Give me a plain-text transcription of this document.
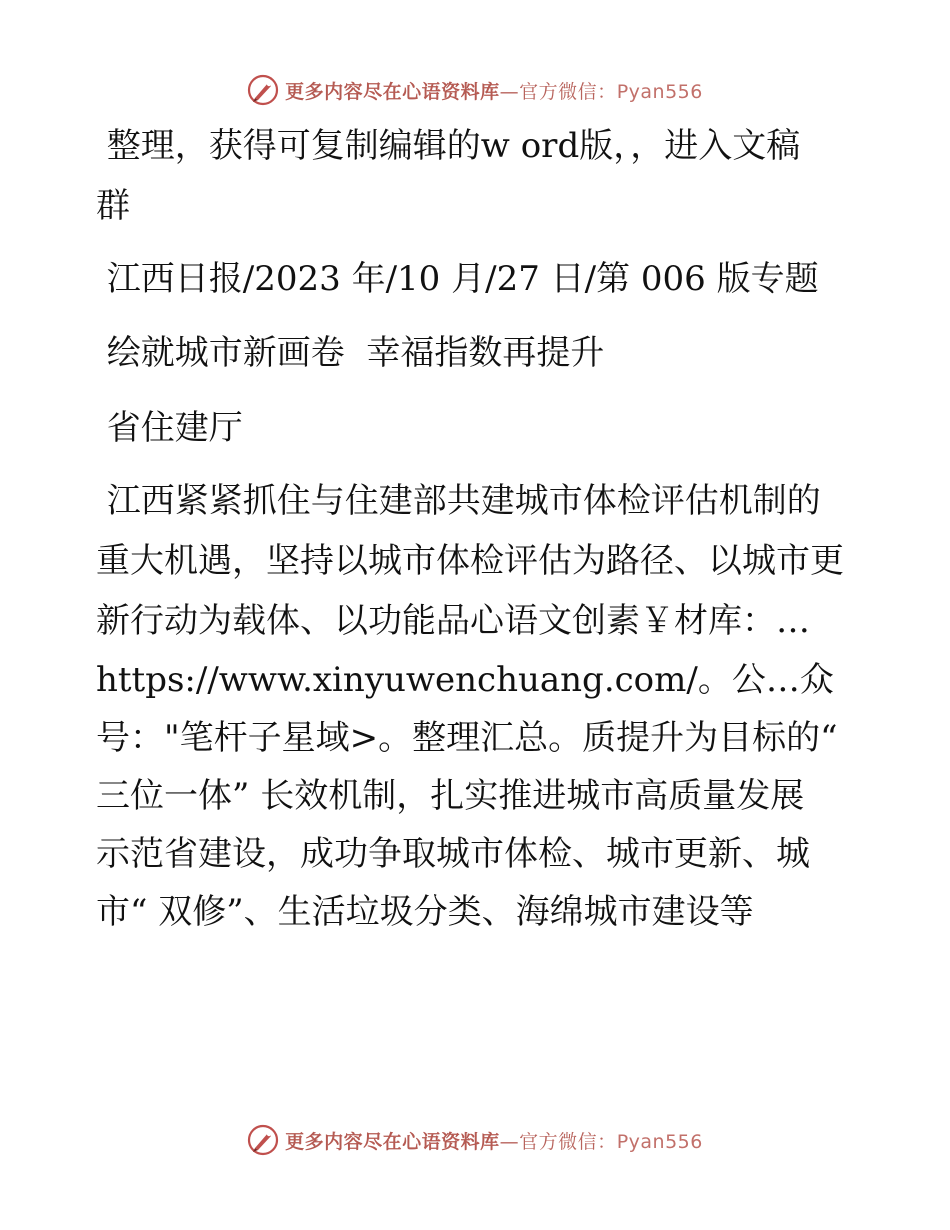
更多内容尽在心语资料库—官方微信：Pyan556
整理，获得可复制编辑的w ord版，，进入文稿
群
江西日报/2023 年/10 月/27 日/第 006 版专题
绘就城市新画卷  幸福指数再提升
省住建厅
江西紧紧抓住与住建部共建城市体检评估机制的
重大机遇，坚持以城市体检评估为路径、以城市更
新行动为载体、以功能品心语文创素￥材库：…
https://www.xinyuwenchuang.com/。公…众
号："笔杆子星域>。整理汇总。质提升为目标的“
三位一体” 长效机制，扎实推进城市高质量发展
示范省建设，成功争取城市体检、城市更新、城
市“ 双修”、生活垃圾分类、海绵城市建设等
更多内容尽在心语资料库—官方微信：Pyan556
